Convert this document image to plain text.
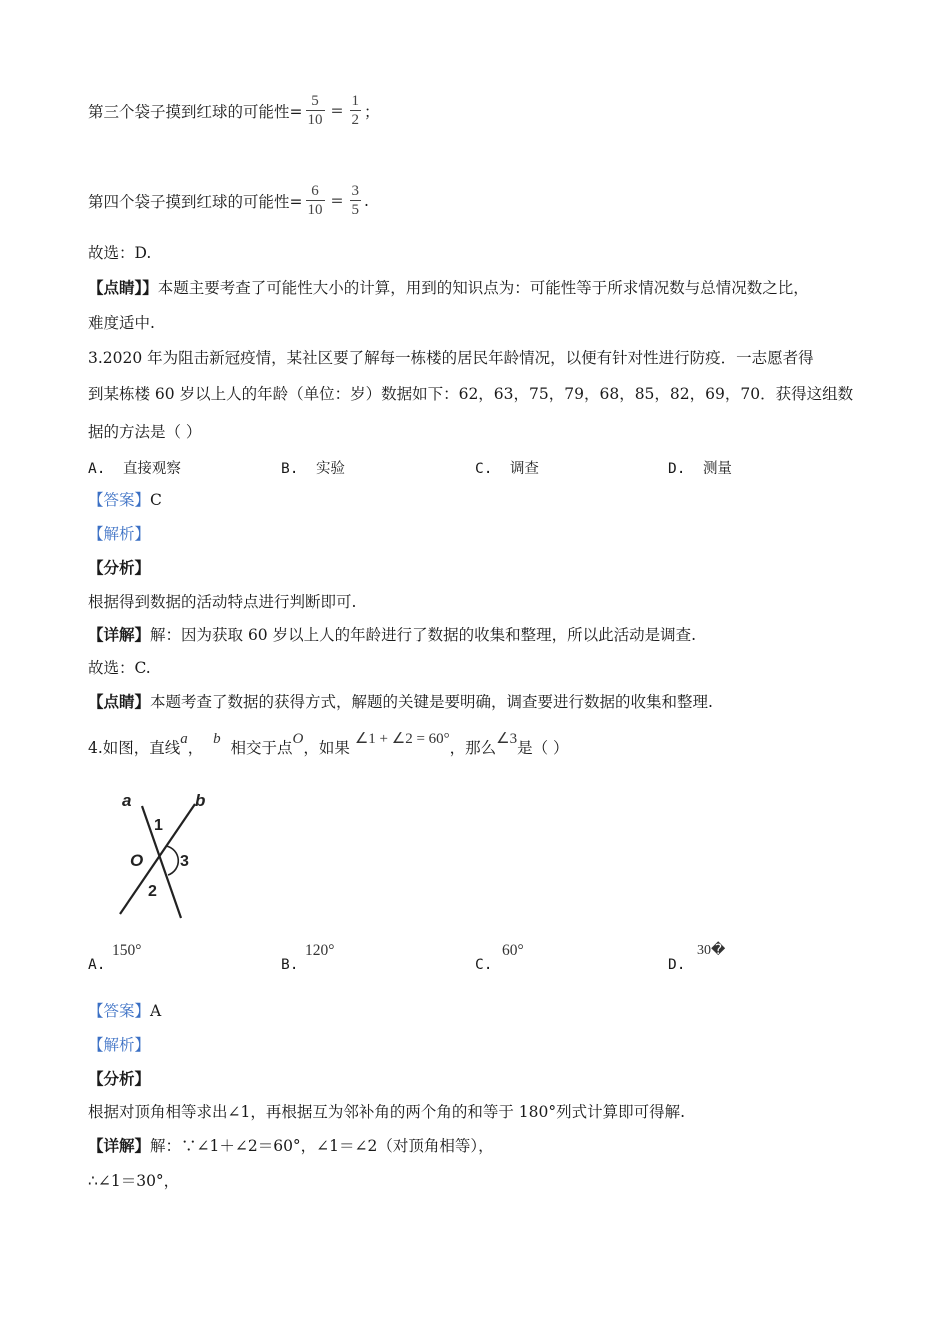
第三个袋子摸到红球的可能性= $\frac{5}{10} = \frac{1}{2}$ ；
第四个袋子摸到红球的可能性= $\frac{6}{10} = \frac{3}{5}$ .
故选：D.
【点睛】】本题主要考查了可能性大小的计算，用到的知识点为：可能性等于所求情况数与总情况数之比，
难度适中.
3.2020 年为阻击新冠疫情，某社区要了解每一栋楼的居民年龄情况，以便有针对性进行防疫．一志愿者得
到某栋楼 60 岁以上人的年龄（单位：岁）数据如下：62，63，75，79，68，85，82，69，70．获得这组数
据的方法是（ ）
A. 直接观察	B. 实验	C. 调查	D. 测量
【答案】C
【解析】
【分析】
根据得到数据的活动特点进行判断即可.
【详解】解：因为获取 60 岁以上人的年龄进行了数据的收集和整理，所以此活动是调查.
故选：C.
【点睛】本题考查了数据的获得方式，解题的关键是要明确，调查要进行数据的收集和整理.
4.如图，直线a， b 相交于点O，如果 ∠1 + ∠2 = 60°，那么∠3是（ ）
a	b
1
O 3
2
A.
150°
B.
120°
C.
60°
D.
30�
【答案】A
【解析】
【分析】
根据对顶角相等求出∠1，再根据互为邻补角的两个角的和等于 180°列式计算即可得解.
【详解】解：∵∠1＋∠2＝60°，∠1＝∠2（对顶角相等），
∴∠1＝30°，
